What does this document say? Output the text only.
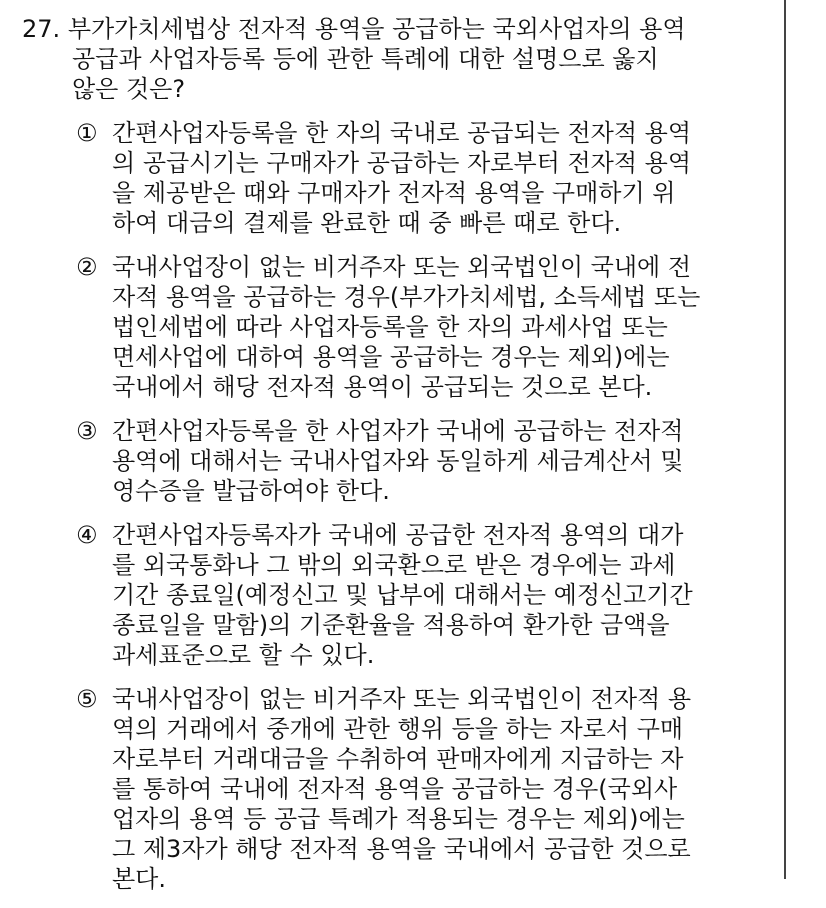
27. 부가가치세법상 전자적 용역을 공급하는 국외사업자의 용역
공급과 사업자등록 등에 관한 특례에 대한 설명으로 옳지
않은 것은?
① 간편사업자등록을 한 자의 국내로 공급되는 전자적 용역
의 공급시기는 구매자가 공급하는 자로부터 전자적 용역
을 제공받은 때와 구매자가 전자적 용역을 구매하기 위
하여 대금의 결제를 완료한 때 중 빠른 때로 한다.
② 국내사업장이 없는 비거주자 또는 외국법인이 국내에 전
자적 용역을 공급하는 경우(부가가치세법, 소득세법 또는
법인세법에 따라 사업자등록을 한 자의 과세사업 또는
면세사업에 대하여 용역을 공급하는 경우는 제외)에는
국내에서 해당 전자적 용역이 공급되는 것으로 본다.
③ 간편사업자등록을 한 사업자가 국내에 공급하는 전자적
용역에 대해서는 국내사업자와 동일하게 세금계산서 및
영수증을 발급하여야 한다.
④ 간편사업자등록자가 국내에 공급한 전자적 용역의 대가
를 외국통화나 그 밖의 외국환으로 받은 경우에는 과세
기간 종료일(예정신고 및 납부에 대해서는 예정신고기간
종료일을 말함)의 기준환율을 적용하여 환가한 금액을
과세표준으로 할 수 있다.
⑤ 국내사업장이 없는 비거주자 또는 외국법인이 전자적 용
역의 거래에서 중개에 관한 행위 등을 하는 자로서 구매
자로부터 거래대금을 수취하여 판매자에게 지급하는 자
를 통하여 국내에 전자적 용역을 공급하는 경우(국외사
업자의 용역 등 공급 특례가 적용되는 경우는 제외)에는
그 제3자가 해당 전자적 용역을 국내에서 공급한 것으로
본다.
